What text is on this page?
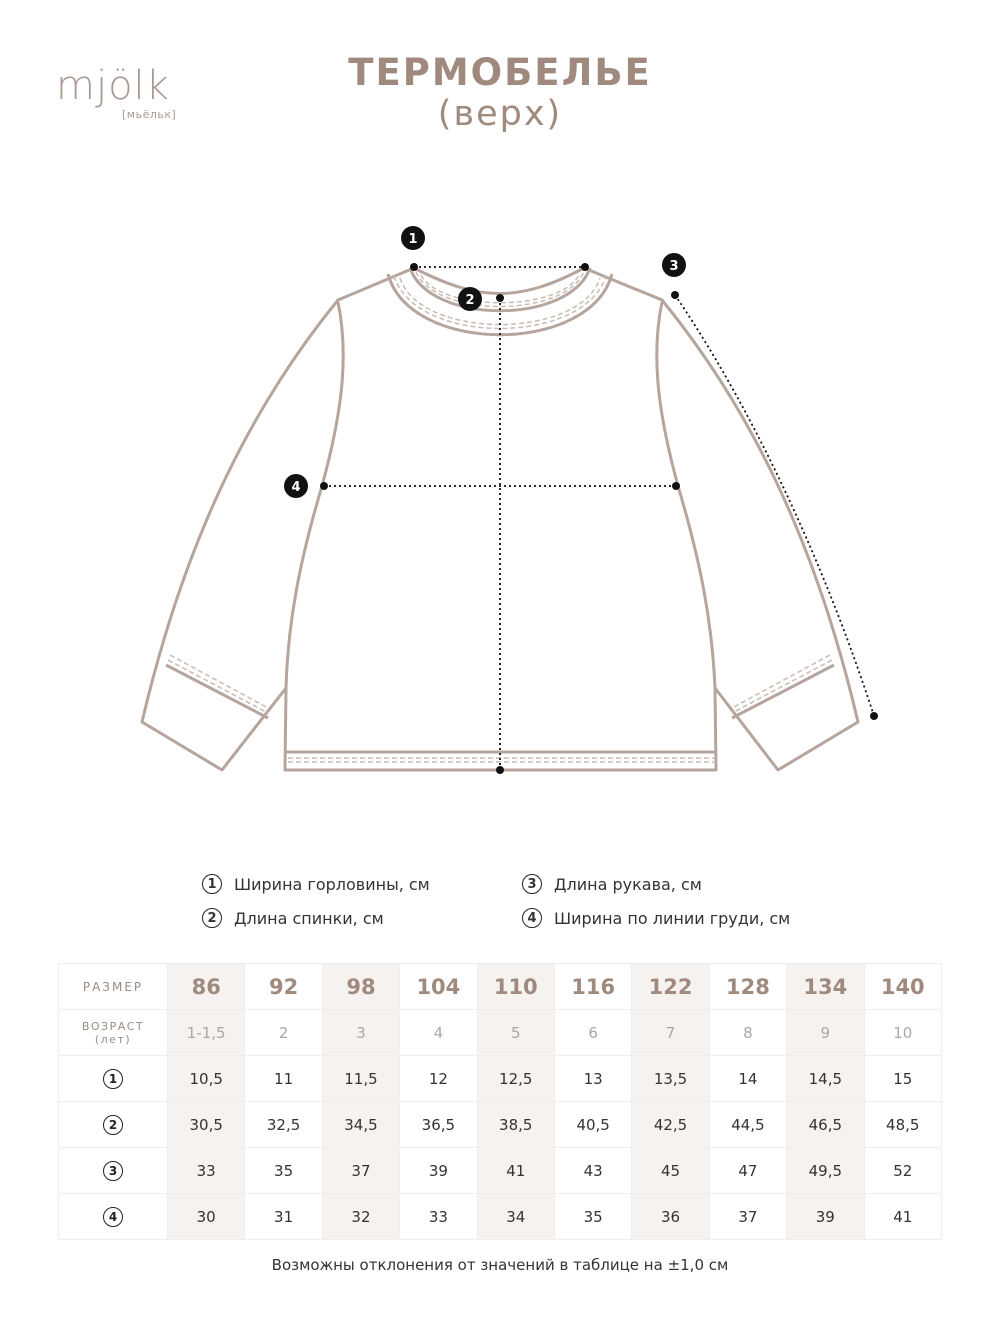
mjölk
[мьёльк]
ТЕРМОБЕЛЬЕ
(верх)
1
2
3
4
1	Ширина горловины, см
2	Длина спинки, см
3	Длина рукава, см
4	Ширина по линии груди, см
РАЗМЕР	86	92	98	104	110	116	122	128	134	140

ВОЗРАСТ
(лет)	1-1,5	2	3	4	5	6	7	8	9	10
1	10,5	11	11,5	12	12,5	13	13,5	14	14,5	15
2	30,5	32,5	34,5	36,5	38,5	40,5	42,5	44,5	46,5	48,5
3	33	35	37	39	41	43	45	47	49,5	52
4	30	31	32	33	34	35	36	37	39	41
Возможны отклонения от значений в таблице на ±1,0 см
